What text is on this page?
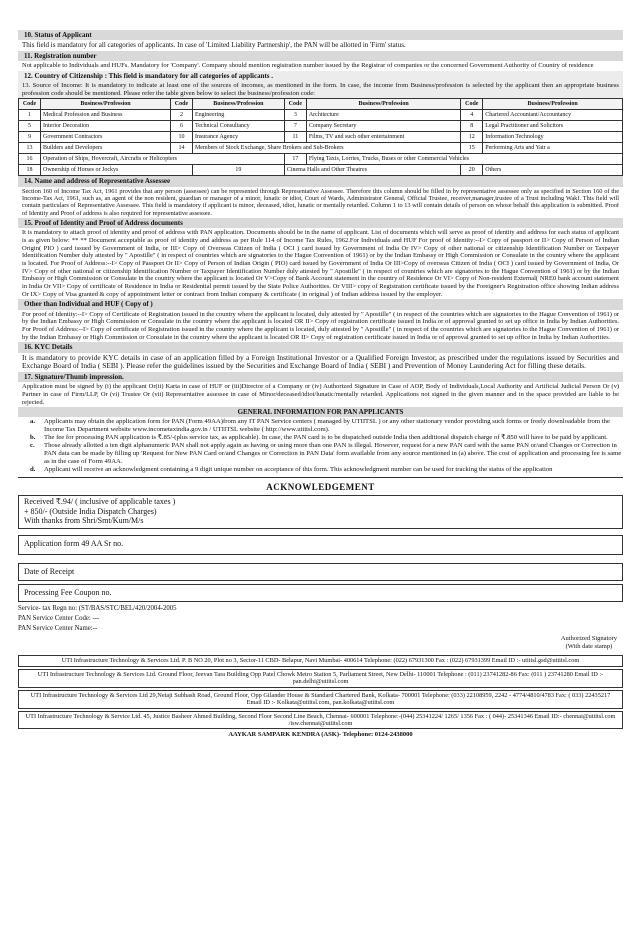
10. Status of Applicant
This field is mandatory for all categories of applicants. In case of 'Limited Liability Partnership', the PAN will be allotted in 'Firm' status.
11. Registration number
Not applicable to Individuals and HUFs. Mandatory for 'Company'. Company should mention registration number issued by the Registrar of companies or the concerned Government Authority of Country of residence
12. Country of Citizenship : This field is mandatory for all categories of applicants .
13. Source of Income: It is mandatory to indicate at least one of the sources of incomes, as mentioned in the form. In case, the income from Business/profession is selected by the applicant then an appropriate business profession code should be mentioned. Please refer the table given below to select the business/profession code:
Code	Business/Profession	Code	Business/Profession	Code	Business/Profession	Code	Business/Profession
1	Medical Profession and Business	2	Engineering	3	Architecture	4	Chartered Accountant/Accountancy
5	Interior Decoration	6	Technical Consultancy	7	Company Secretary	8	Legal Practitioner and Solicitors
9	Government Contractors	10	Insurance Agency	11	Films, TV and such other entertainment	12	Information Technology
13	Builders and Developers	14	Members of Stock Exchange, Share Brokers and Sub-Brokers			15	Performing Arts and Yatr a
16	Operation of Ships, Hovercraft, Aircrafts or Helicopters			17	Flying Taxis, Lorries, Trucks, Buses or other Commercial Vehicles		
18	Ownership of Horses or Jockys		19	Cinema Halls and Other Theatres		20	Others
14. Name and address of Representative Assessee
Section 160 of Income Tax Act, 1961 provides that any person (assessee) can be represented through Representative Assessee. Therefore this column should be filled in by representative assessee only as specified in Section 160 of the Income-Tax Act, 1961, such as, an agent of the non resident, guardian or manager of a minor, lunatic or idiot, Court of Wards, Administrator General, Official Trustee, receiver,manager,trustee of a Trust including Wakf. This field will contain particulars of Representative Assessee. This field is mandatory if applicant is minor, deceased, idiot, lunatic or mentally retarded. Column 1 to 13 will contain details of person on whose behalf this application is submitted. Proof of Identity and Proof of address is also required for representative assessee.
15. Proof of Identity and Proof of Address documents
It is mandatory to attach proof of identity and proof of address with PAN application. Documents should be in the name of applicant. List of documents which will serve as proof of identity and address for each status of applicant is as given below: ** ** Document acceptable as proof of identity and address as per Rule 114 of Income Tax Rules, 1962.For Individuals and HUF For proof of Identity:--I> Copy of passport or II> Copy of Person of Indian Origin( PIO ) card issued by Government of India, or III> Copy of Overseas Citizen of India ( OCI ) card issued by Government of India Or IV> Copy of other national or citizenship Identification Number or Taxpayer Identification Number duly attested by " Apostille" ( in respect of countries which are signatories to the Hague Convention of 1961) or by the Indian Embassy or High Commission or Consulate in the country where the applicant is located. For Proof of Address:--I> Copy of Passport Or II> Copy of Person of Indian Origin ( PIO) card issued by Government of India Or III>Copy of overseas Citizen of India ( OCI ) card issued by Government of India, Or IV> Copy of other national or citizenship Identification Number or Taxpayer Identification Number duly attested by " Apostille" ( in respect of countries which are signatories to the Hague Convention of 1961) or by the Indian Embassy or High Commission or Consulate in the country where the applicant is located Or V>Copy of Bank Account statement in the country of Residence Or VI> Copy of Non-resident External( NRE0 bank account statement in India Or VII> Copy of certificate of Residence in India or Residential permit issued by the State Police Authorities. Or VIII> copy of Registration certificate issued by the Foreigner's Registration office showing Indian address Or IX> Copy of Visa granted & copy of appointment letter or contract from Indian company & certificate ( in original ) of Indian address issued by the employer.
Other than Individual and HUF ( Copy of )
For proof of Identity:--I> Copy of Certificate of Registration issued in the country where the applicant is located, duly attested by " Apostille" ( in respect of the countries which are signatories to the Hague Convention of 1961) or by the Indian Embassy or High Commission or Consulate in the country where the applicant is located OR II> Copy of registration certificate issued in India or of approval granted to set up office in India by Indian Authorities. For Proof of Address:--I> Copy of certificate of Registration issued in the country where the applicant is located, duly attested by " Apostille" ( in respect of the countries which are signatories to the Hague Convention of 1961) or by the Indian Embassy or High Commission or Consulate in the country where the applicant is located OR II> Copy of registration certificate issued in India or of approval granted to set up office in India by Indian Authorities.
16. KYC Details
It is mandatory to provide KYC details in case of an application filled by a Foreign Institutional Investor or a Qualified Foreign Investor, as prescribed under the regulations issued by Securities and Exchange Board of India ( SEBI ). Please refer the guidelines issued by the Securities and Exchange Board of India ( SEBI ) and Prevention of Money Laundering Act for filling these details.
17. Signature/Thumb impression.
Application must be signed by (i) the applicant Or(ii) Karta in case of HUF or (iii)Director of a Company or (iv) Authorized Signature in Case of AOP, Body of Individuals,Local Authority and Artificial Judicial Person Or (v) Partner in case of Firm/LLP, Or (vi) Trustee Or (vii) Representative assessee in case of Minor/deceased/idiot/lunatic/mentally retarded. Applications not signed in the given manner and in the space provided are liable to be rejected.
GENERAL INFORMATION FOR PAN APPLICANTS
a. Applicants may obtain the application form for PAN (Form 49AA)from any IT PAN Service centers ( managed by UTIITSL ) or any other stationary vendor providing such forms or freely downloadable from the Income Tax Department website www.incometaxindia.gov.in / UTIITSL website ( http://www.utiitsl.com).
b. The fee for processing PAN application is ₹.85/-(plus service tax, as applicable). In case, the PAN card is to be dispatched outside India then additional dispatch charge of ₹.850 will have to be paid by applicant.
c. Those already allotted a ten digit alphanumeric PAN shall not apply again as having or using more than one PAN is illegal. However, request for a new PAN card with the same PAN or/and Changes or Correction in PAN data can be made by filling up 'Request for New PAN Card or/and Changes or Correction in PAN Data' form available from any source mentioned in (a) above. The cost of application and processing fee is same as in the case of Form 49AA.
d. Applicant will receive an acknowledgment containing a 9 digit unique number on acceptance of this form. This acknowledgment number can be used for tracking the status of the application
ACKNOWLEDGEMENT
Received ₹.94/ ( inclusive of applicable taxes )
+ 850/- (Outside India Dispatch Charges)
With thanks from Shri/Smt/Kum/M/s
Application form 49 AA Sr no.
Date of Receipt
Processing Fee Coupon no.
Service- tax Regn no: (ST/BAS/STC/BEL/420/2004-2005
PAN Service Center Code: ---
PAN Service Center Name:--
Authorized Signatory
(With date stamp)
UTI Infrastructure Technology & Services Ltd. P. B NO 20, Plot no 3, Sector-11 CBD- Belapur, Navi Mumbai- 400614 Telephone: (022) 67931300 Fax : (022) 67931399 Email ID :- utiitsl.gsd@utiitsl.com
UTI Infrastructure Technology & Services Ltd. Ground Floor, Jeevan Tara Building Opp Patel Chowk Metro Station 5, Parliament Street, New Delhi- 110001 Telephone : (011) 23741282-86 Fax: (011 ) 23741280 Email ID :- pan.delhi@utiitsl.com
UTI Infrastructure Technology & Services Ltd 29,Netaji Subhash Road, Ground Floor, Opp Gilander House & Standard Chartered Bank, Kolkata- 700001 Telephone: (033) 22108959, 2242 - 4774/4810/4783 Fax: ( 033) 22435217 Email ID :- Kolkata@utiitsl.com, pan.kolkata@utiitsl.com
UTI Infrastructure Technology & Service Ltd. 45, Justice Basheer Ahmed Building, Second Floor Second Line Beach, Chennai- 600001 Telephone:-(044) 25341224/ 1265/ 1356 Fax : ( 044)- 25341346 Email ID:- chennai@utiitsl.com /isw.chennai@utiitsl.com
AAYKAR SAMPARK KENDRA (ASK)- Telephone: 0124-2438000
